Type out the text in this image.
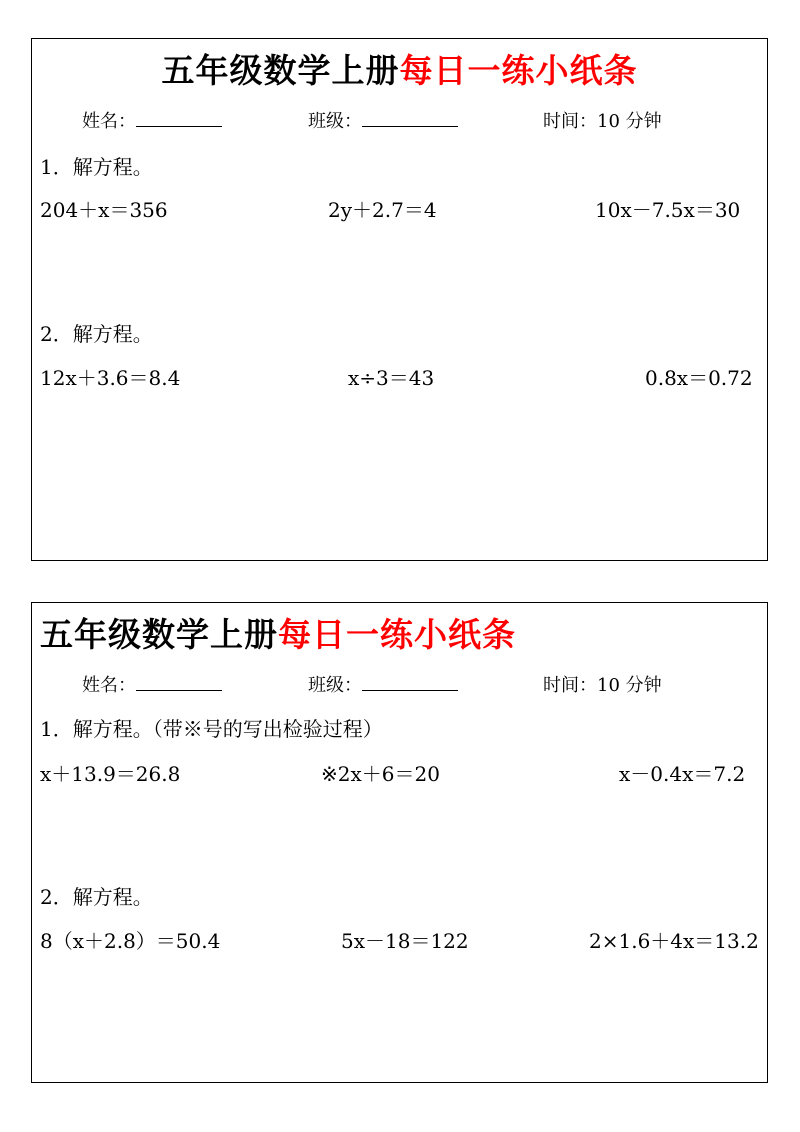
五年级数学上册每日一练小纸条
姓名：	班级：	时间：10 分钟
1．解方程。
204＋x＝356	2y＋2.7＝4	10x－7.5x＝30
2．解方程。
12x＋3.6＝8.4	x÷3＝43	0.8x＝0.72
五年级数学上册每日一练小纸条
姓名：	班级：	时间：10 分钟
1．解方程。（带※号的写出检验过程）
x＋13.9＝26.8	※2x＋6＝20	x－0.4x＝7.2
2．解方程。
8（x＋2.8）＝50.4	5x－18＝122	2×1.6＋4x＝13.2
